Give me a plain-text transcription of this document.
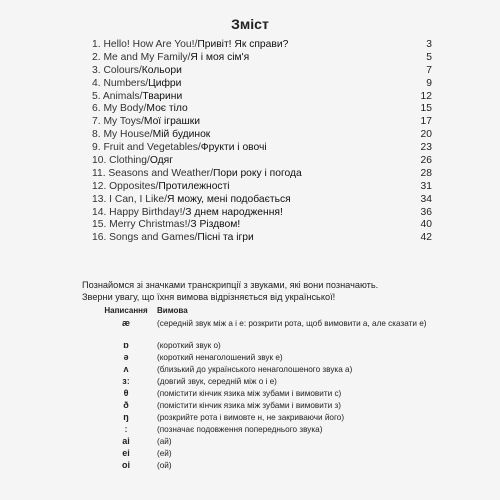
Зміст
1. Hello! How Are You!/Привіт! Як справи?	3
2. Me and My Family/Я і моя сім'я	5
3. Colours/Кольори	7
4. Numbers/Цифри	9
5. Animals/Тварини	12
6. My Body/Моє тіло	15
7. My Toys/Мої іграшки	17
8. My House/Мій будинок	20
9. Fruit and Vegetables/Фрукти і овочі	23
10. Clothing/Одяг	26
11. Seasons and Weather/Пори року і погода	28
12. Opposites/Протилежності	31
13. I Can, I Like/Я можу, мені подобається	34
14. Happy Birthday!/З днем народження!	36
15. Merry Christmas!/З Різдвом!	40
16. Songs and Games/Пісні та ігри	42
Познайомся зі значками транскрипції з звуками, які вони позначають.
Зверни увагу, що їхня вимова відрізняється від української!
Написання	Вимова
æ	(середній звук між а і е: розкрити рота, щоб вимовити а, але сказати е)
ɒ	(короткий звук о)
ə	(короткий ненаголошений звук е)
ʌ	(близький до українського ненаголошеного звука а)
ɜː	(довгий звук, середній між о і е)
θ	(помістити кінчик язика між зубами і вимовити с)
ð	(помістити кінчик язика між зубами і вимовити з)
ŋ	(розкрийте рота і вимовте н, не закриваючи його)
ː	(позначає подовження попереднього звука)
ai	(ай)
ei	(ей)
oi	(ой)
